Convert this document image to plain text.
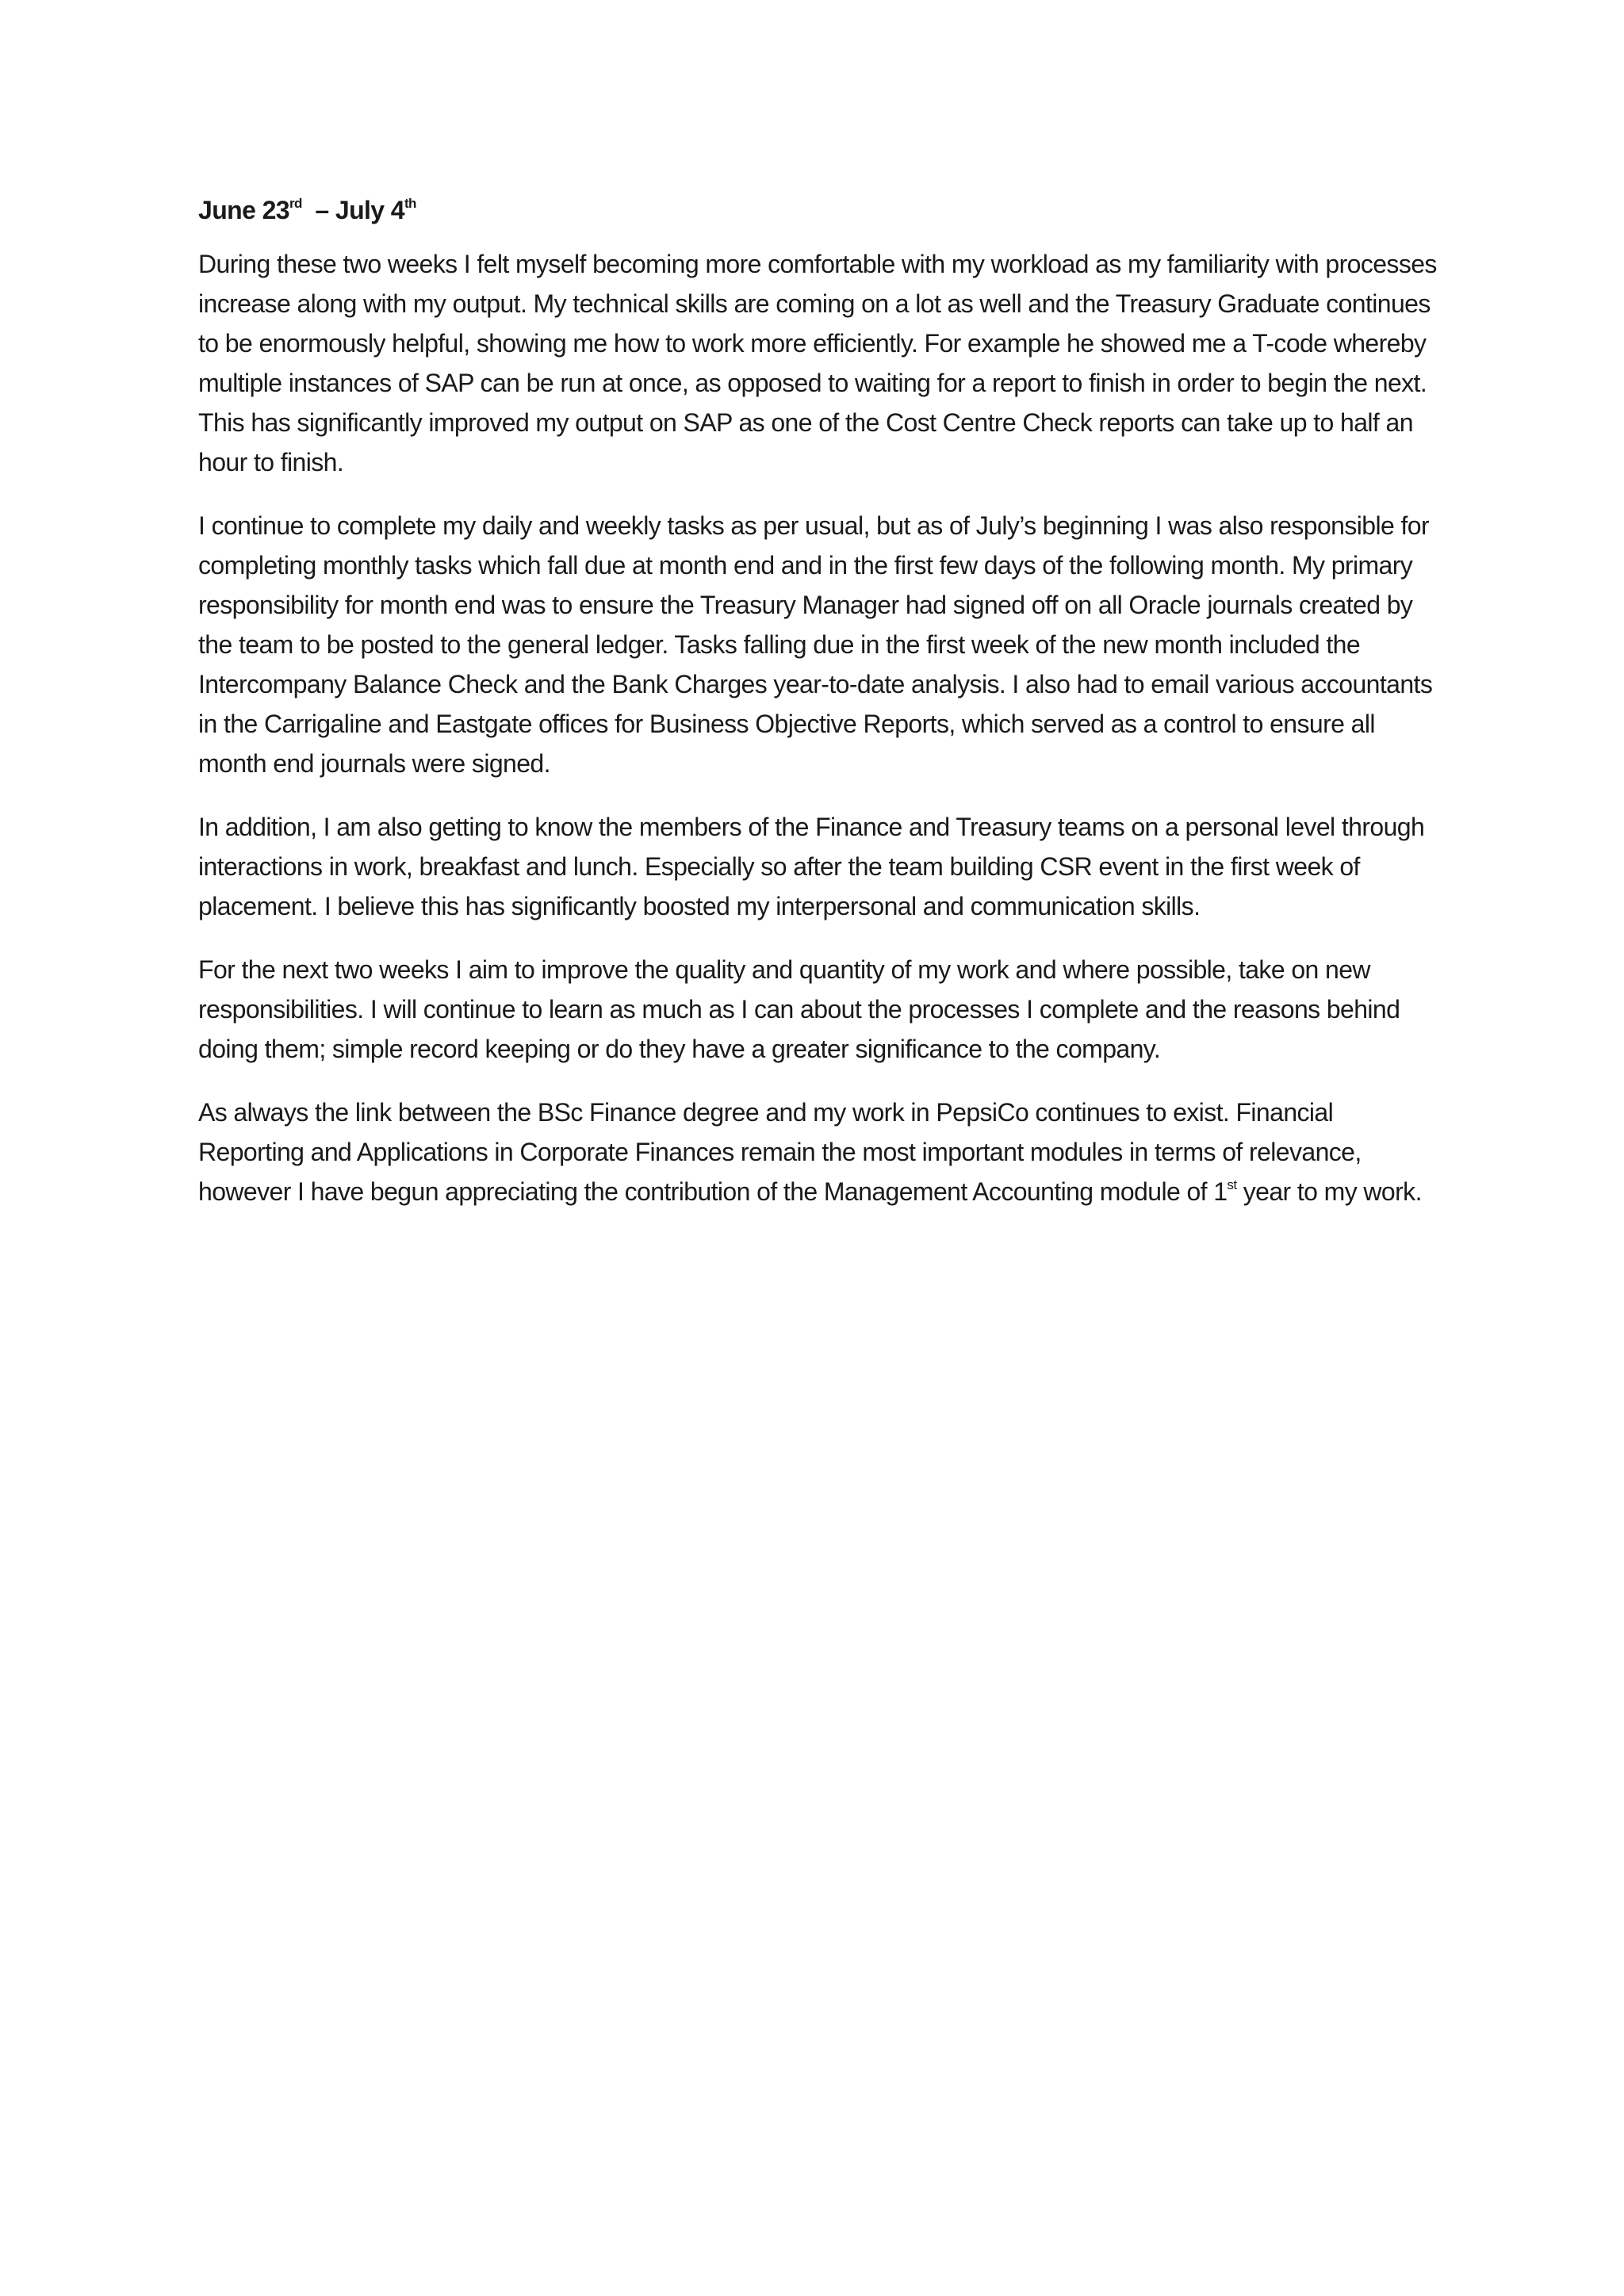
June 23rd  – July 4th

During these two weeks I felt myself becoming more comfortable with my workload as my familiarity with processes increase along with my output. My technical skills are coming on a lot as well and the Treasury Graduate continues to be enormously helpful, showing me how to work more efficiently. For example he showed me a T-code whereby multiple instances of SAP can be run at once, as opposed to waiting for a report to finish in order to begin the next. This has significantly improved my output on SAP as one of the Cost Centre Check reports can take up to half an hour to finish.

I continue to complete my daily and weekly tasks as per usual, but as of July’s beginning I was also responsible for completing monthly tasks which fall due at month end and in the first few days of the following month. My primary responsibility for month end was to ensure the Treasury Manager had signed off on all Oracle journals created by the team to be posted to the general ledger. Tasks falling due in the first week of the new month included the Intercompany Balance Check and the Bank Charges year-to-date analysis. I also had to email various accountants in the Carrigaline and Eastgate offices for Business Objective Reports, which served as a control to ensure all month end journals were signed.

In addition, I am also getting to know the members of the Finance and Treasury teams on a personal level through interactions in work, breakfast and lunch. Especially so after the team building CSR event in the first week of placement. I believe this has significantly boosted my interpersonal and communication skills.

For the next two weeks I aim to improve the quality and quantity of my work and where possible, take on new responsibilities. I will continue to learn as much as I can about the processes I complete and the reasons behind doing them; simple record keeping or do they have a greater significance to the company.

As always the link between the BSc Finance degree and my work in PepsiCo continues to exist. Financial Reporting and Applications in Corporate Finances remain the most important modules in terms of relevance, however I have begun appreciating the contribution of the Management Accounting module of 1st year to my work.
